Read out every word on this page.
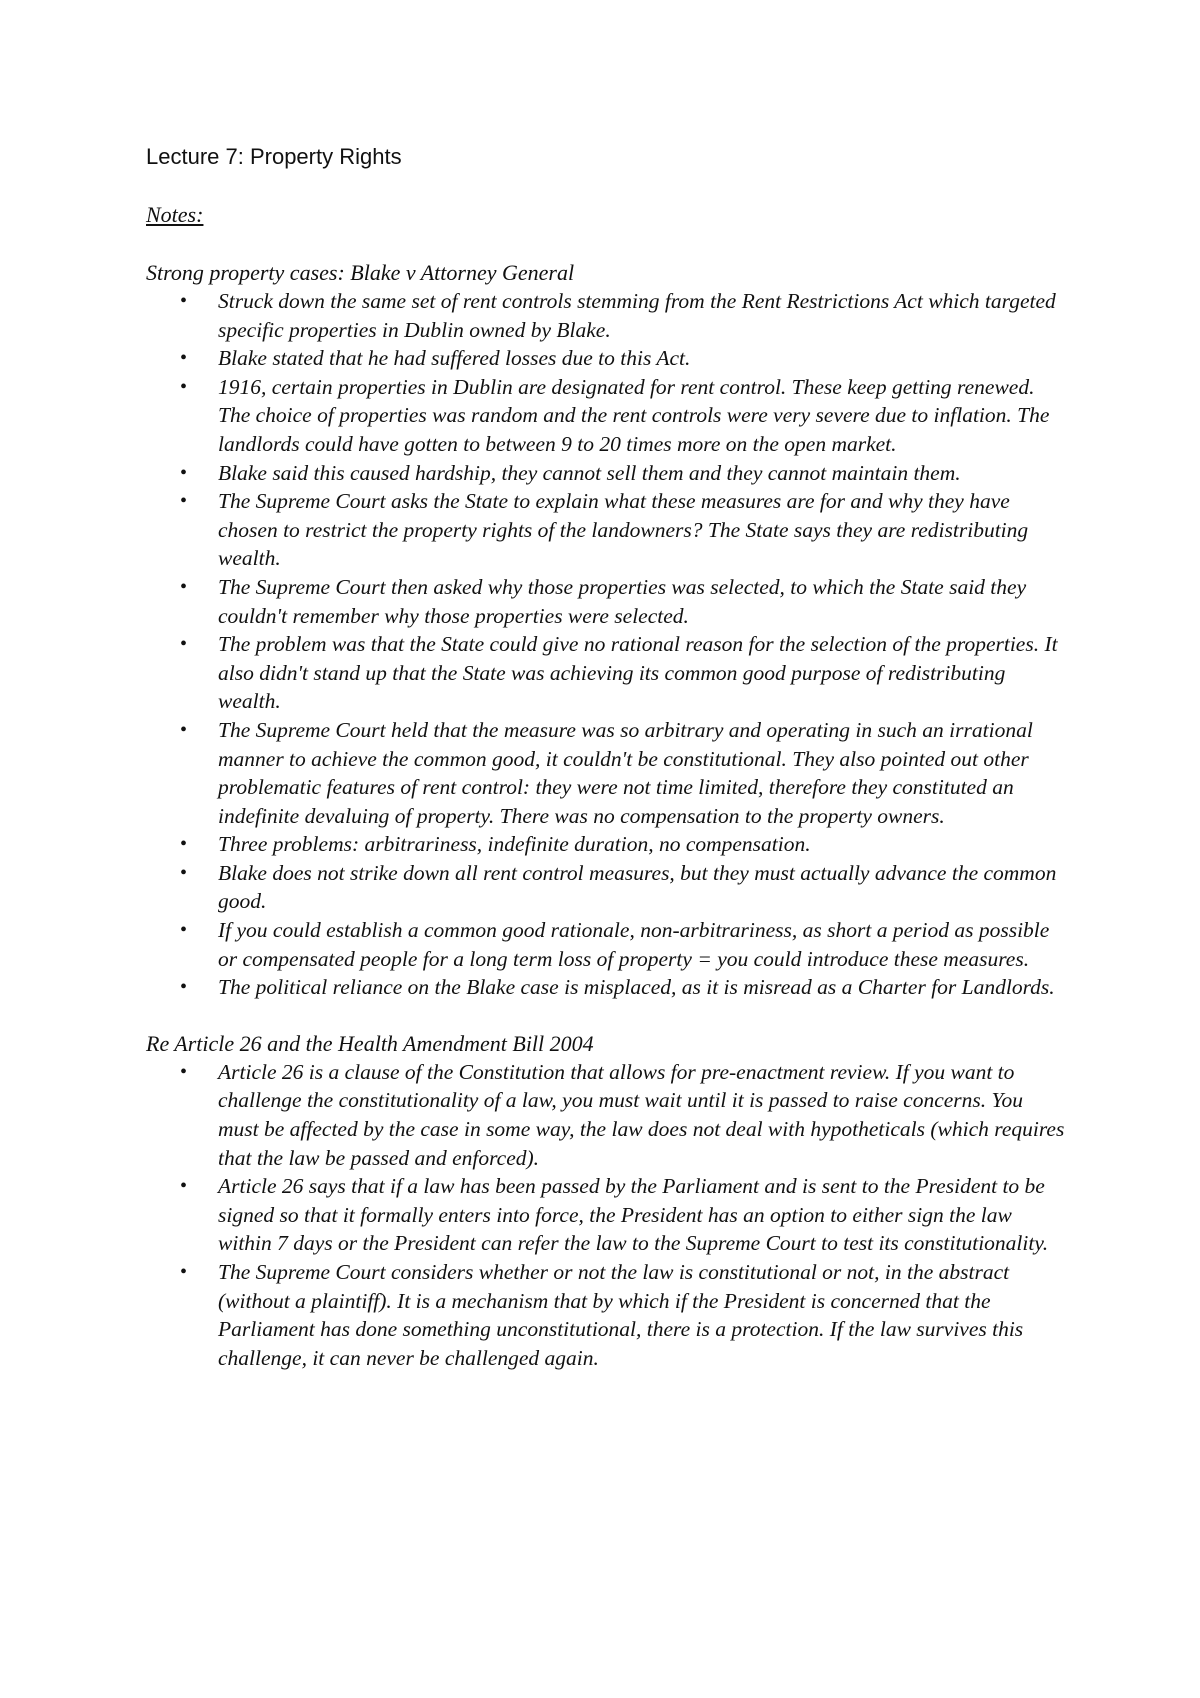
Lecture 7: Property Rights
Notes:
Strong property cases: Blake v Attorney General
• Struck down the same set of rent controls stemming from the Rent Restrictions Act which targeted specific properties in Dublin owned by Blake.
• Blake stated that he had suffered losses due to this Act.
• 1916, certain properties in Dublin are designated for rent control. These keep getting renewed. The choice of properties was random and the rent controls were very severe due to inflation. The landlords could have gotten to between 9 to 20 times more on the open market.
• Blake said this caused hardship, they cannot sell them and they cannot maintain them.
• The Supreme Court asks the State to explain what these measures are for and why they have chosen to restrict the property rights of the landowners? The State says they are redistributing wealth.
• The Supreme Court then asked why those properties was selected, to which the State said they couldn't remember why those properties were selected.
• The problem was that the State could give no rational reason for the selection of the properties. It also didn't stand up that the State was achieving its common good purpose of redistributing wealth.
• The Supreme Court held that the measure was so arbitrary and operating in such an irrational manner to achieve the common good, it couldn't be constitutional. They also pointed out other problematic features of rent control: they were not time limited, therefore they constituted an indefinite devaluing of property. There was no compensation to the property owners.
• Three problems: arbitrariness, indefinite duration, no compensation.
• Blake does not strike down all rent control measures, but they must actually advance the common good.
• If you could establish a common good rationale, non-arbitrariness, as short a period as possible or compensated people for a long term loss of property = you could introduce these measures.
• The political reliance on the Blake case is misplaced, as it is misread as a Charter for Landlords.
Re Article 26 and the Health Amendment Bill 2004
• Article 26 is a clause of the Constitution that allows for pre-enactment review. If you want to challenge the constitutionality of a law, you must wait until it is passed to raise concerns. You must be affected by the case in some way, the law does not deal with hypotheticals (which requires that the law be passed and enforced).
• Article 26 says that if a law has been passed by the Parliament and is sent to the President to be signed so that it formally enters into force, the President has an option to either sign the law within 7 days or the President can refer the law to the Supreme Court to test its constitutionality.
• The Supreme Court considers whether or not the law is constitutional or not, in the abstract (without a plaintiff). It is a mechanism that by which if the President is concerned that the Parliament has done something unconstitutional, there is a protection. If the law survives this challenge, it can never be challenged again.
